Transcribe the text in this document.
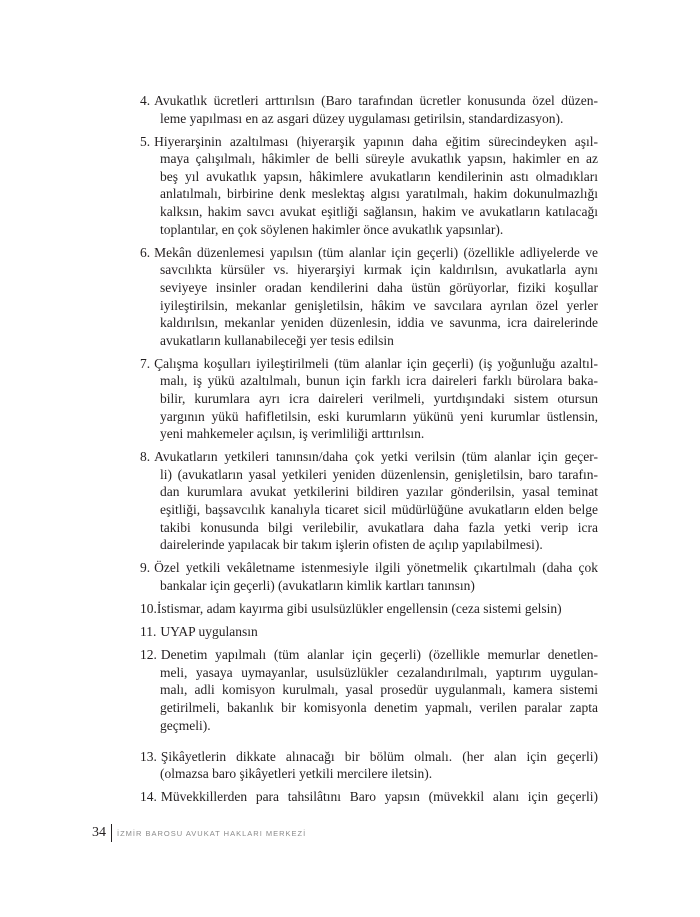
4. Avukatlık ücretleri arttırılsın (Baro tarafından ücretler konusunda özel düzen-
leme yapılması en az asgari düzey uygulaması getirilsin, standardizasyon).
5. Hiyerarşinin azaltılması (hiyerarşik yapının daha eğitim sürecindeyken aşıl-
maya çalışılmalı, hâkimler de belli süreyle avukatlık yapsın, hakimler en az
beş yıl avukatlık yapsın, hâkimlere avukatların kendilerinin astı olmadıkları
anlatılmalı, birbirine denk meslektaş algısı yaratılmalı, hakim dokunulmazlığı
kalksın, hakim savcı avukat eşitliği sağlansın, hakim ve avukatların katılacağı
toplantılar, en çok söylenen hakimler önce avukatlık yapsınlar).
6. Mekân düzenlemesi yapılsın (tüm alanlar için geçerli) (özellikle adliyelerde ve
savcılıkta kürsüler vs. hiyerarşiyi kırmak için kaldırılsın, avukatlarla aynı
seviyeye insinler oradan kendilerini daha üstün görüyorlar, fiziki koşullar
iyileştirilsin, mekanlar genişletilsin, hâkim ve savcılara ayrılan özel yerler
kaldırılsın, mekanlar yeniden düzenlesin, iddia ve savunma, icra dairelerinde
avukatların kullanabileceği yer tesis edilsin
7. Çalışma koşulları iyileştirilmeli (tüm alanlar için geçerli) (iş yoğunluğu azaltıl-
malı, iş yükü azaltılmalı, bunun için farklı icra daireleri farklı bürolara baka-
bilir, kurumlara ayrı icra daireleri verilmeli, yurtdışındaki sistem otursun
yargının yükü hafifletilsin, eski kurumların yükünü yeni kurumlar üstlensin,
yeni mahkemeler açılsın, iş verimliliği arttırılsın.
8. Avukatların yetkileri tanınsın/daha çok yetki verilsin (tüm alanlar için geçer-
li) (avukatların yasal yetkileri yeniden düzenlensin, genişletilsin, baro tarafın-
dan kurumlara avukat yetkilerini bildiren yazılar gönderilsin, yasal teminat
eşitliği, başsavcılık kanalıyla ticaret sicil müdürlüğüne avukatların elden belge
takibi konusunda bilgi verilebilir, avukatlara daha fazla yetki verip icra
dairelerinde yapılacak bir takım işlerin ofisten de açılıp yapılabilmesi).
9. Özel yetkili vekâletname istenmesiyle ilgili yönetmelik çıkartılmalı (daha çok
bankalar için geçerli) (avukatların kimlik kartları tanınsın)
10.İstismar, adam kayırma gibi usulsüzlükler engellensin (ceza sistemi gelsin)
11. UYAP uygulansın
12. Denetim yapılmalı (tüm alanlar için geçerli) (özellikle memurlar denetlen-
meli, yasaya uymayanlar, usulsüzlükler cezalandırılmalı, yaptırım uygulan-
malı, adli komisyon kurulmalı, yasal prosedür uygulanmalı, kamera sistemi
getirilmeli, bakanlık bir komisyonla denetim yapmalı, verilen paralar zapta
geçmeli).
13. Şikâyetlerin dikkate alınacağı bir bölüm olmalı. (her alan için geçerli)
(olmazsa baro şikâyetleri yetkili mercilere iletsin).
14. Müvekkillerden para tahsilâtını Baro yapsın (müvekkil alanı için geçerli)
34 İZMİR BAROSU AVUKAT HAKLARI MERKEZİ
